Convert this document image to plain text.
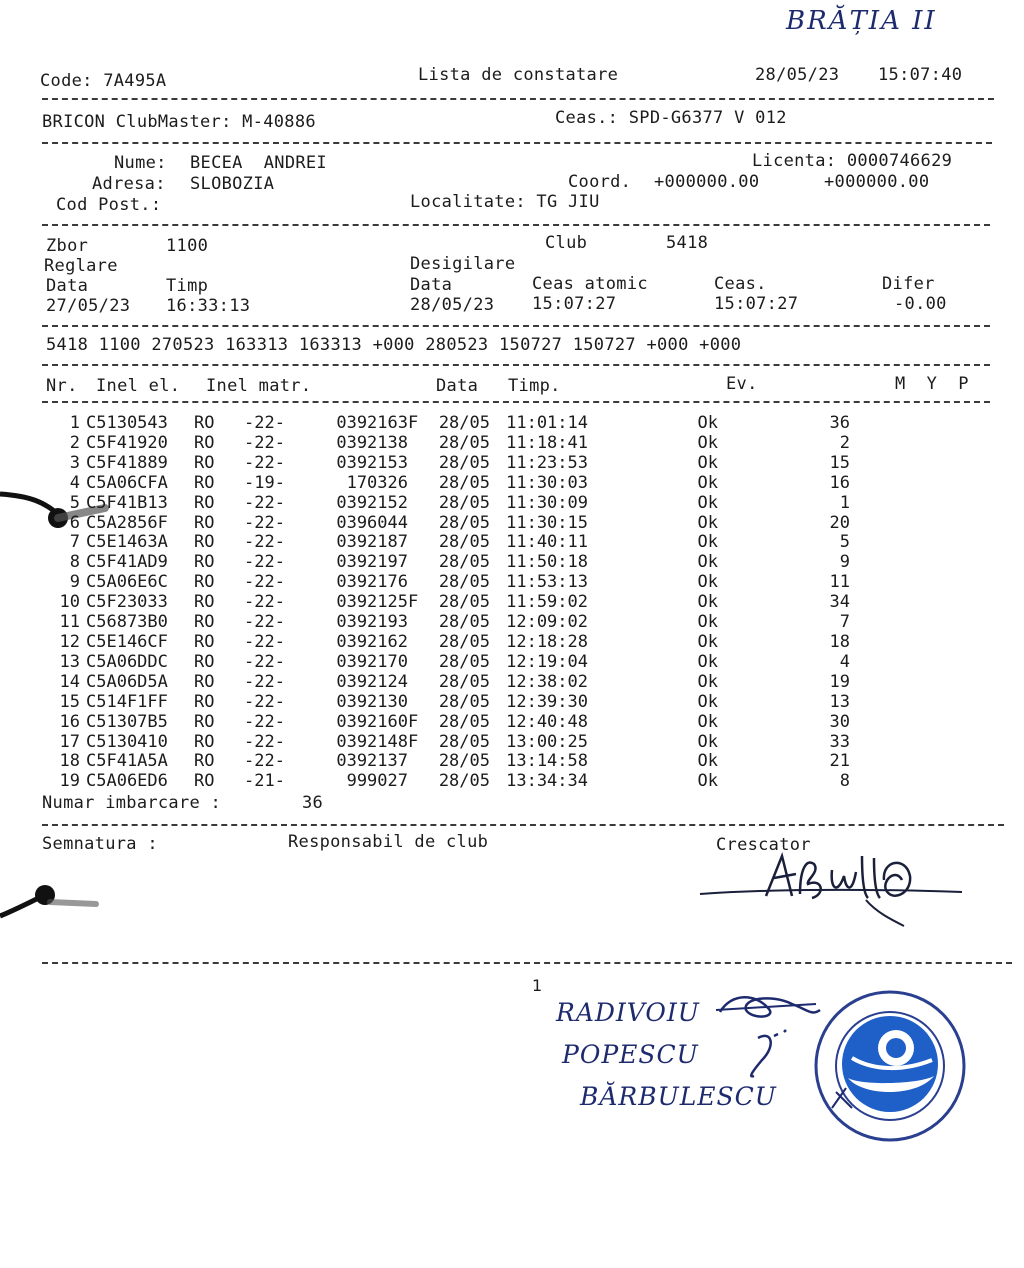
BRĂȚIA II
Code: 7A495A	Lista de constatare	28/05/23 15:07:40
BRICON ClubMaster: M-40886	Ceas.: SPD-G6377 V 012
Nume: BECEA  ANDREI	Licenta: 0000746629
Adresa: SLOBOZIA	Coord. +000000.00	+000000.00
Cod Post.:	Localitate: TG JIU
Zbor	1100	Club	5418
Reglare	Desigilare
Data	Timp	Data	Ceas atomic	Ceas.	Difer
27/05/23 16:33:13	28/05/23 15:07:27	15:07:27	-0.00
5418 1100 270523 163313 163313 +000 280523 150727 150727 +000 +000
Nr. Inel el. Inel matr.	Data Timp.	Ev.	M  Y  P
1	C5130543	RO	-22-	0392163	F	28/05	11:01:14	Ok	36
2	C5F41920	RO	-22-	0392138		28/05	11:18:41	Ok	2
3	C5F41889	RO	-22-	0392153		28/05	11:23:53	Ok	15
4	C5A06CFA	RO	-19-	170326		28/05	11:30:03	Ok	16
5	C5F41B13	RO	-22-	0392152		28/05	11:30:09	Ok	1
6	C5A2856F	RO	-22-	0396044		28/05	11:30:15	Ok	20
7	C5E1463A	RO	-22-	0392187		28/05	11:40:11	Ok	5
8	C5F41AD9	RO	-22-	0392197		28/05	11:50:18	Ok	9
9	C5A06E6C	RO	-22-	0392176		28/05	11:53:13	Ok	11
10	C5F23033	RO	-22-	0392125	F	28/05	11:59:02	Ok	34
11	C56873B0	RO	-22-	0392193		28/05	12:09:02	Ok	7
12	C5E146CF	RO	-22-	0392162		28/05	12:18:28	Ok	18
13	C5A06DDC	RO	-22-	0392170		28/05	12:19:04	Ok	4
14	C5A06D5A	RO	-22-	0392124		28/05	12:38:02	Ok	19
15	C514F1FF	RO	-22-	0392130		28/05	12:39:30	Ok	13
16	C51307B5	RO	-22-	0392160	F	28/05	12:40:48	Ok	30
17	C5130410	RO	-22-	0392148	F	28/05	13:00:25	Ok	33
18	C5F41A5A	RO	-22-	0392137		28/05	13:14:58	Ok	21
19	C5A06ED6	RO	-21-	999027		28/05	13:34:34	Ok	8
Numar imbarcare :	36
Semnatura :	Responsabil de club	Crescator
1
RADIVOIU
POPESCU
BĂRBULESCU
